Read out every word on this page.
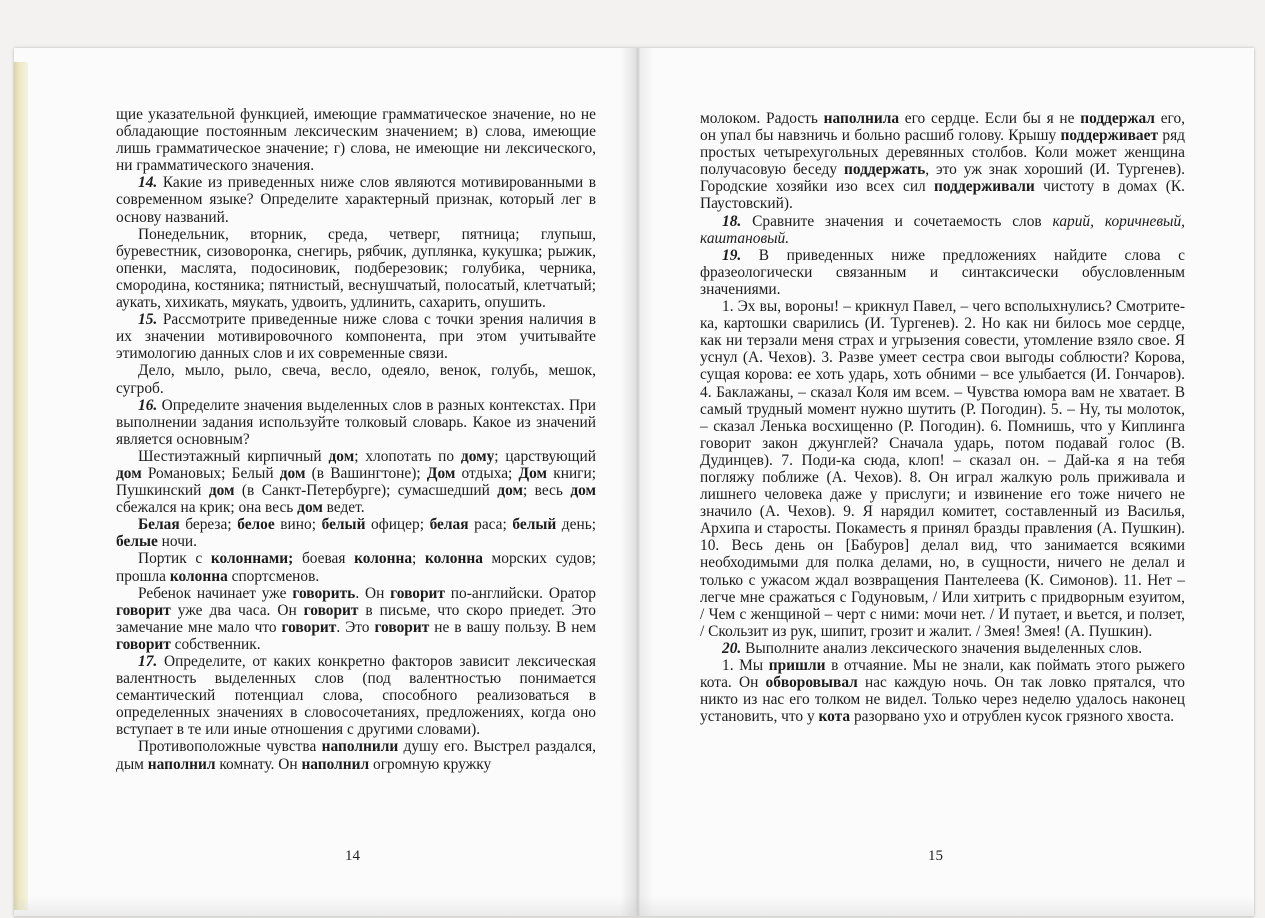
щие указательной функцией, имеющие грамматическое значение, но не обладающие постоянным лексическим значением; в) слова, имеющие лишь грамматическое значение; г) слова, не имеющие ни лексического, ни грамматического значения.

14. Какие из приведенных ниже слов являются мотивированными в современном языке? Определите характерный признак, который лег в основу названий.

Понедельник, вторник, среда, четверг, пятница; глупыш, буревестник, сизоворонка, снегирь, рябчик, дуплянка, кукушка; рыжик, опенки, маслята, подосиновик, подберезовик; голубика, черника, смородина, костяника; пятнистый, веснушчатый, полосатый, клетчатый; аукать, хихикать, мяукать, удвоить, удлинить, сахарить, опушить.

15. Рассмотрите приведенные ниже слова с точки зрения наличия в их значении мотивировочного компонента, при этом учитывайте этимологию данных слов и их современные связи.

Дело, мыло, рыло, свеча, весло, одеяло, венок, голубь, мешок, сугроб.

16. Определите значения выделенных слов в разных контекстах. При выполнении задания используйте толковый словарь. Какое из значений является основным?

Шестиэтажный кирпичный дом; хлопотать по дому; царствующий дом Романовых; Белый дом (в Вашингтоне); Дом отдыха; Дом книги; Пушкинский дом (в Санкт-Петербурге); сумасшедший дом; весь дом сбежался на крик; она весь дом ведет.

Белая береза; белое вино; белый офицер; белая раса; белый день; белые ночи.

Портик с колоннами; боевая колонна; колонна морских судов; прошла колонна спортсменов.

Ребенок начинает уже говорить. Он говорит по-английски. Оратор говорит уже два часа. Он говорит в письме, что скоро приедет. Это замечание мне мало что говорит. Это говорит не в вашу пользу. В нем говорит собственник.

17. Определите, от каких конкретно факторов зависит лексическая валентность выделенных слов (под валентностью понимается семантический потенциал слова, способного реализоваться в определенных значениях в словосочетаниях, предложениях, когда оно вступает в те или иные отношения с другими словами).

Противоположные чувства наполнили душу его. Выстрел раздался, дым наполнил комнату. Он наполнил огромную кружку

молоком. Радость наполнила его сердце. Если бы я не поддержал его, он упал бы навзничь и больно расшиб голову. Крышу поддерживает ряд простых четырехугольных деревянных столбов. Коли может женщина получасовую беседу поддержать, это уж знак хороший (И. Тургенев). Городские хозяйки изо всех сил поддерживали чистоту в домах (К. Паустовский).

18. Сравните значения и сочетаемость слов карий, коричневый, каштановый.

19. В приведенных ниже предложениях найдите слова с фразеологически связанным и синтаксически обусловленным значениями.

1. Эх вы, вороны! – крикнул Павел, – чего всполыхнулись? Смотрите-ка, картошки сварились (И. Тургенев). 2. Но как ни билось мое сердце, как ни терзали меня страх и угрызения совести, утомление взяло свое. Я уснул (А. Чехов). 3. Разве умеет сестра свои выгоды соблюсти? Корова, сущая корова: ее хоть ударь, хоть обними – все улыбается (И. Гончаров). 4. Баклажаны, – сказал Коля им всем. – Чувства юмора вам не хватает. В самый трудный момент нужно шутить (Р. Погодин). 5. – Ну, ты молоток, – сказал Ленька восхищенно (Р. Погодин). 6. Помнишь, что у Киплинга говорит закон джунглей? Сначала ударь, потом подавай голос (В. Дудинцев). 7. Поди-ка сюда, клоп! – сказал он. – Дай-ка я на тебя погляжу поближе (А. Чехов). 8. Он играл жалкую роль приживала и лишнего человека даже у прислуги; и извинение его тоже ничего не значило (А. Чехов). 9. Я нарядил комитет, составленный из Василья, Архипа и старосты. Покаместь я принял бразды правления (А. Пушкин). 10. Весь день он [Бабуров] делал вид, что занимается всякими необходимыми для полка делами, но, в сущности, ничего не делал и только с ужасом ждал возвращения Пантелеева (К. Симонов). 11. Нет – легче мне сражаться с Годуновым, / Или хитрить с придворным езуитом, / Чем с женщиной – черт с ними: мочи нет. / И путает, и вьется, и ползет, / Скользит из рук, шипит, грозит и жалит. / Змея! Змея! (А. Пушкин).

20. Выполните анализ лексического значения выделенных слов.

1. Мы пришли в отчаяние. Мы не знали, как поймать этого рыжего кота. Он обворовывал нас каждую ночь. Он так ловко прятался, что никто из нас его толком не видел. Только через неделю удалось наконец установить, что у кота разорвано ухо и отрублен кусок грязного хвоста.

14	15
